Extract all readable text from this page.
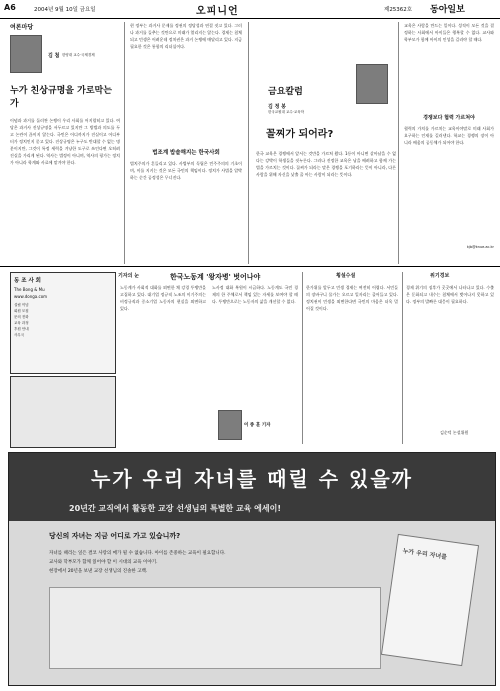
A6	2004년 9월 10일 금요일	오피니언	제25362호 동아일보
여론마당
김 첨 한양대 교수·국제경제
누가 친상규명을 가로막는가
이념과 과거를 둘러싼 논쟁이 우리 사회를 어지럽히고 있다. 여당은 과거사 진상규명을 서두르고 있지만 그 방법과 의도를 두고 논란이 끊이지 않는다. 국민은 어디까지가 진실이고 어디부터가 정치인지 묻고 있다. 진상규명은 누구도 반대할 수 없는 명분이지만, 그것이 특정 세력을 겨냥한 도구로 쓰인다면 오히려 진실을 가리게 된다. 역사는 법정이 아니며, 역사의 평가는 정치가 아니라 학계와 사료에 맡겨야 한다.
현 정부는 과거사 문제를 정권의 정당성과 연결 짓고 있다. 그러나 과거를 들추는 것만으로 미래가 열리지는 않는다. 경제는 침체되고 민생은 어려운데 정치권은 과거 논쟁에 매달리고 있다. 지금 필요한 것은 통합의 리더십이다.
법조계 밥솥해지는 한국사회
법치주의가 흔들리고 있다. 사법부의 독립은 민주주의의 기초이며, 이를 지키는 것은 모든 국민의 책임이다. 정치가 사법을 압박하는 순간 공정성은 무너진다.
금요칼럼
김 정 봉
한국교원대 교수·교육학
꼴찌가 되어라?
한국 교육은 경쟁에서 앞서는 것만을 가르쳐 왔다. 1등이 아니면 살아남을 수 없다는 강박이 학생들을 짓누른다. 그러나 진정한 교육은 남을 배려하고 함께 가는 법을 가르치는 것이다. 꼴찌가 되라는 말은 경쟁을 포기하라는 뜻이 아니라, 다른 사람을 위해 자신을 낮출 줄 아는 사람이 되라는 뜻이다.
교육은 사람을 만드는 일이다. 성적이 모든 것을 결정하는 사회에서 아이들은 행복할 수 없다. 교사와 학부모가 함께 아이의 인성을 길러야 할 때다.
경쟁보다 협력 가르쳐야
협력의 가치를 가르치는 교육이야말로 미래 사회가 요구하는 인재를 길러낸다. 학교는 경쟁의 장이 아니라 배움의 공동체가 되어야 한다.
kjb@knue.ac.kr
기자의 눈	한국노동계 '왕자병' 벗어나야
동 조 사 회
The Bong & Mu
www.donga.com
설립 이념
회원 모집
문의 전화
교육 과정
후원 안내
사무국
노동계가 사회적 대화를 외면한 채 강경 투쟁만을 고집하고 있다. 대기업 정규직 노조의 이기주의는 비정규직과 중소기업 노동자의 현실을 외면하고 있다.
노사정 대화 복원이 시급하다. 노동계도 국민 경제의 한 주체로서 책임 있는 자세를 보여야 할 때다. 투쟁만으로는 노동자의 삶을 개선할 수 없다.
이 종 훈 기자
횡설수설
한가위를 앞두고 민생 경제는 여전히 어렵다. 서민들의 장바구니 물가는 오르고 일자리는 줄어들고 있다. 정치권이 민생을 외면한다면 국민의 마음은 더욱 멀어질 것이다.
위기경보
경제 위기의 징후가 곳곳에서 나타나고 있다. 수출은 둔화되고 내수는 침체에서 벗어나지 못하고 있다. 정부의 발빠른 대응이 필요하다.
김순덕 논설위원
누가 우리 자녀를 때릴 수 있을까
20년간 교직에서 활동한 교장 선생님의 특별한 교육 에세이!
당신의 자녀는 지금 어디로 가고 있습니까?
자녀를 때리는 일은 결코 사랑의 매가 될 수 없습니다. 아이를 존중하는 교육이 필요합니다.
교사와 학부모가 함께 읽어야 할 이 시대의 교육 이야기.
현장에서 20년을 보낸 교장 선생님의 진솔한 고백.
누가 우리 자녀를
